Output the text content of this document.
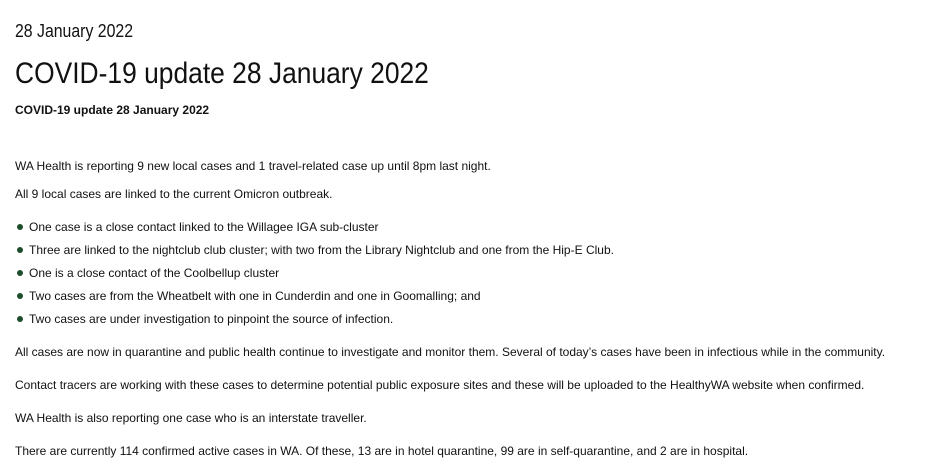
28 January 2022
COVID-19 update 28 January 2022
COVID-19 update 28 January 2022

WA Health is reporting 9 new local cases and 1 travel-related case up until 8pm last night.

All 9 local cases are linked to the current Omicron outbreak.

One case is a close contact linked to the Willagee IGA sub-cluster
Three are linked to the nightclub club cluster; with two from the Library Nightclub and one from the Hip-E Club.
One is a close contact of the Coolbellup cluster
Two cases are from the Wheatbelt with one in Cunderdin and one in Goomalling; and
Two cases are under investigation to pinpoint the source of infection.

All cases are now in quarantine and public health continue to investigate and monitor them. Several of today’s cases have been in infectious while in the community.

Contact tracers are working with these cases to determine potential public exposure sites and these will be uploaded to the HealthyWA website when confirmed.

WA Health is also reporting one case who is an interstate traveller.

There are currently 114 confirmed active cases in WA. Of these, 13 are in hotel quarantine, 99 are in self-quarantine, and 2 are in hospital.
